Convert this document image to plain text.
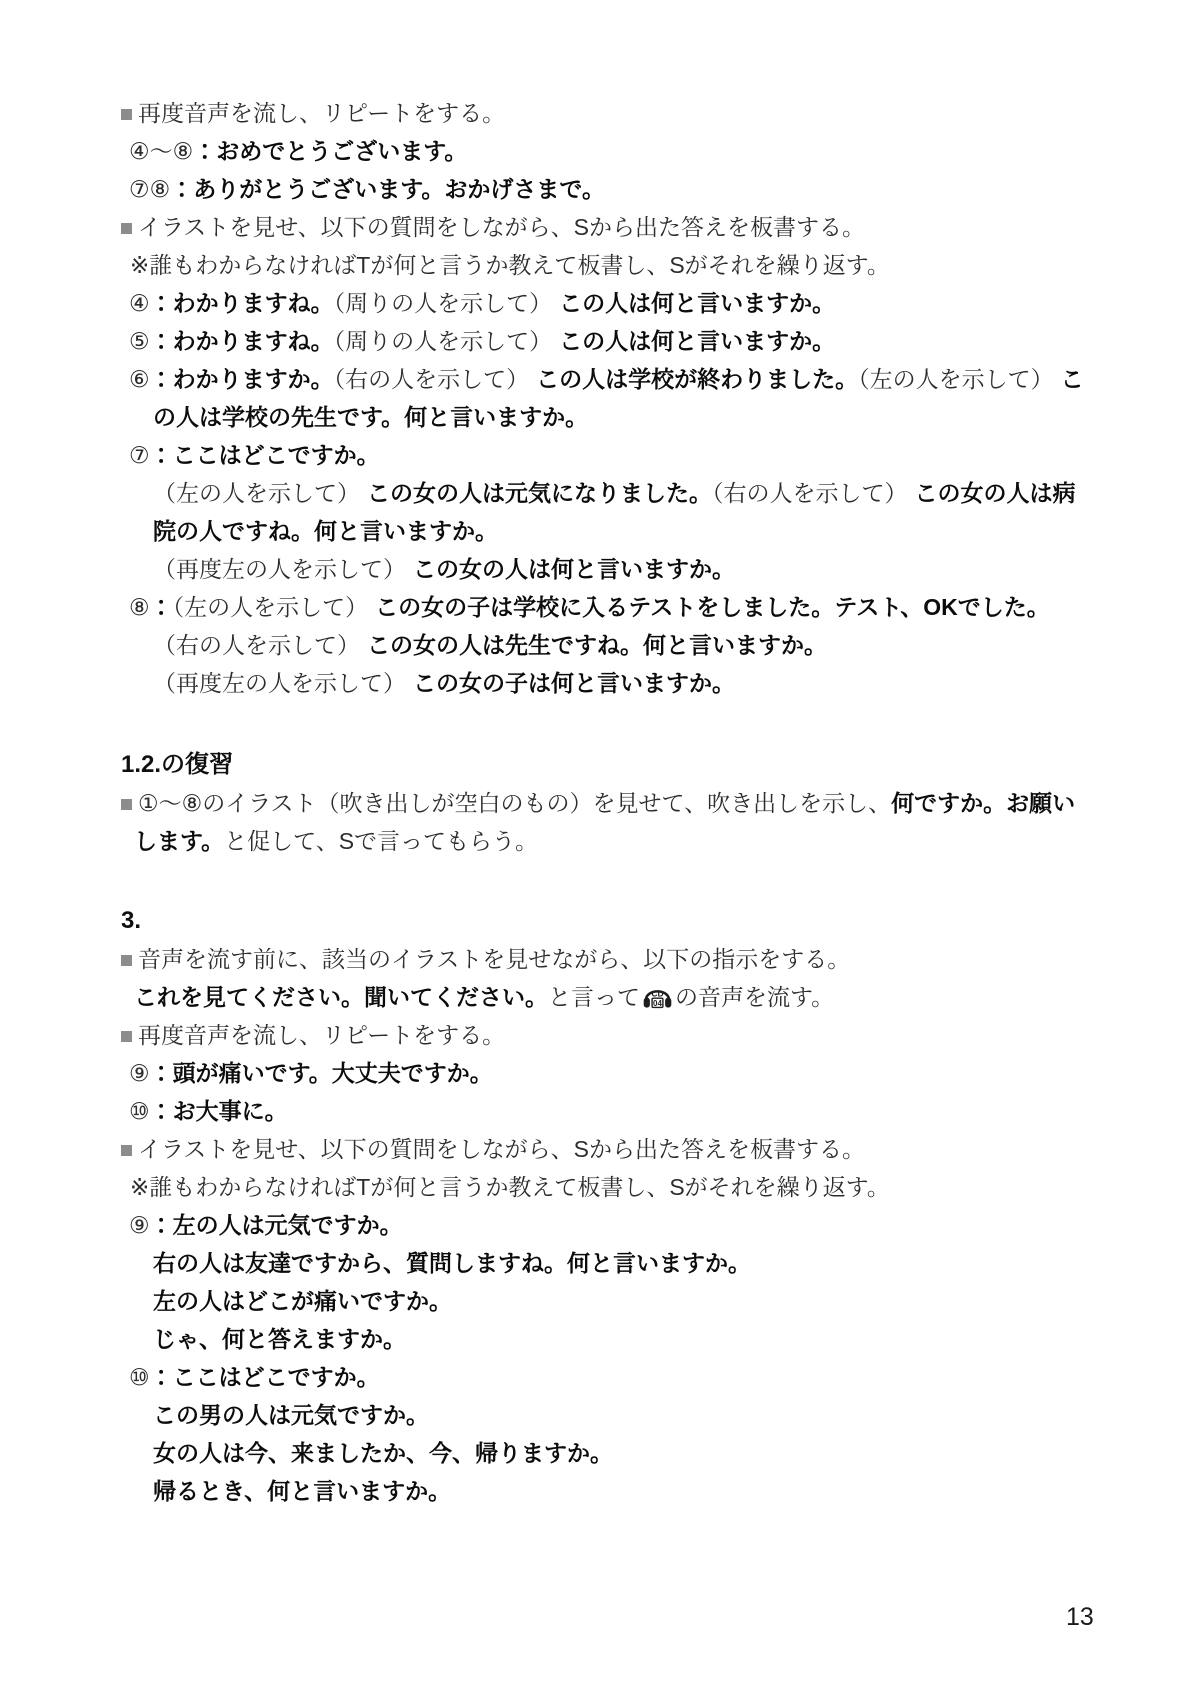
再度音声を流し、リピートをする。
④〜⑧：おめでとうございます。
⑦⑧：ありがとうございます。おかげさまで。
イラストを見せ、以下の質問をしながら、Sから出た答えを板書する。
※誰もわからなければTが何と言うか教えて板書し、Sがそれを繰り返す。
④：わかりますね。（周りの人を示して） この人は何と言いますか。
⑤：わかりますね。（周りの人を示して） この人は何と言いますか。
⑥：わかりますか。（右の人を示して） この人は学校が終わりました。（左の人を示して） こ
の人は学校の先生です。何と言いますか。
⑦：ここはどこですか。
（左の人を示して） この女の人は元気になりました。（右の人を示して） この女の人は病
院の人ですね。何と言いますか。
（再度左の人を示して） この女の人は何と言いますか。
⑧：（左の人を示して） この女の子は学校に入るテストをしました。テスト、OKでした。
（右の人を示して） この女の人は先生ですね。何と言いますか。
（再度左の人を示して） この女の子は何と言いますか。
1.2.の復習
①〜⑧のイラスト（吹き出しが空白のもの）を見せて、吹き出しを示し、何ですか。お願い
します。と促して、Sで言ってもらう。
3.
音声を流す前に、該当のイラストを見せながら、以下の指示をする。
これを見てください。聞いてください。と言って CD
04 の音声を流す。
再度音声を流し、リピートをする。
⑨：頭が痛いです。大丈夫ですか。
⑩：お大事に。
イラストを見せ、以下の質問をしながら、Sから出た答えを板書する。
※誰もわからなければTが何と言うか教えて板書し、Sがそれを繰り返す。
⑨：左の人は元気ですか。
右の人は友達ですから、質問しますね。何と言いますか。
左の人はどこが痛いですか。
じゃ、何と答えますか。
⑩：ここはどこですか。
この男の人は元気ですか。
女の人は今、来ましたか、今、帰りますか。
帰るとき、何と言いますか。
13
